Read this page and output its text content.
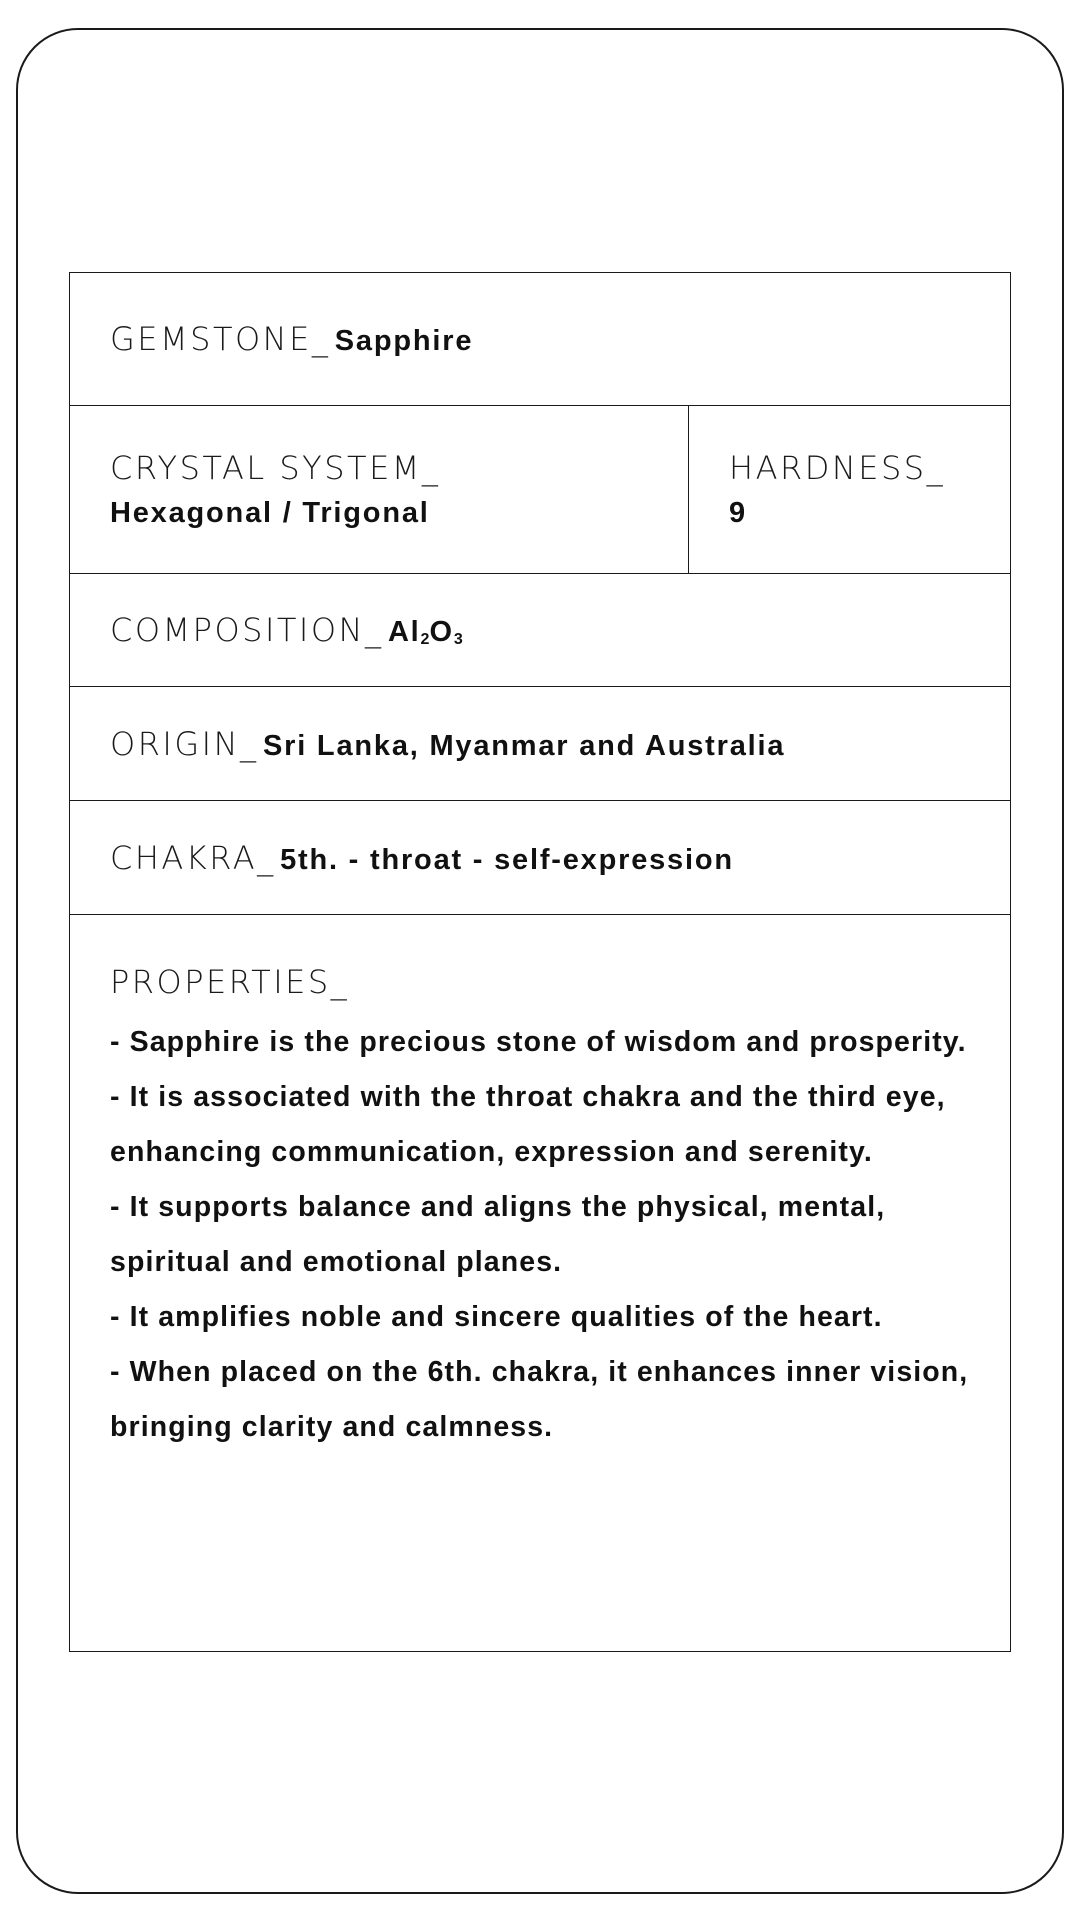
GEMSTONE_ Sapphire
CRYSTAL SYSTEM_
Hexagonal / Trigonal
HARDNESS_
9
COMPOSITION_ $Al_2O_3$
ORIGIN_ Sri Lanka, Myanmar and Australia
CHAKRA_ 5th. - throat - self-expression
PROPERTIES_
- Sapphire is the precious stone of wisdom and prosperity.
- It is associated with the throat chakra and the third eye, enhancing communication, expression and serenity.
- It supports balance and aligns the physical, mental, spiritual and emotional planes.
- It amplifies noble and sincere qualities of the heart.
- When placed on the 6th. chakra, it enhances inner vision, bringing clarity and calmness.
